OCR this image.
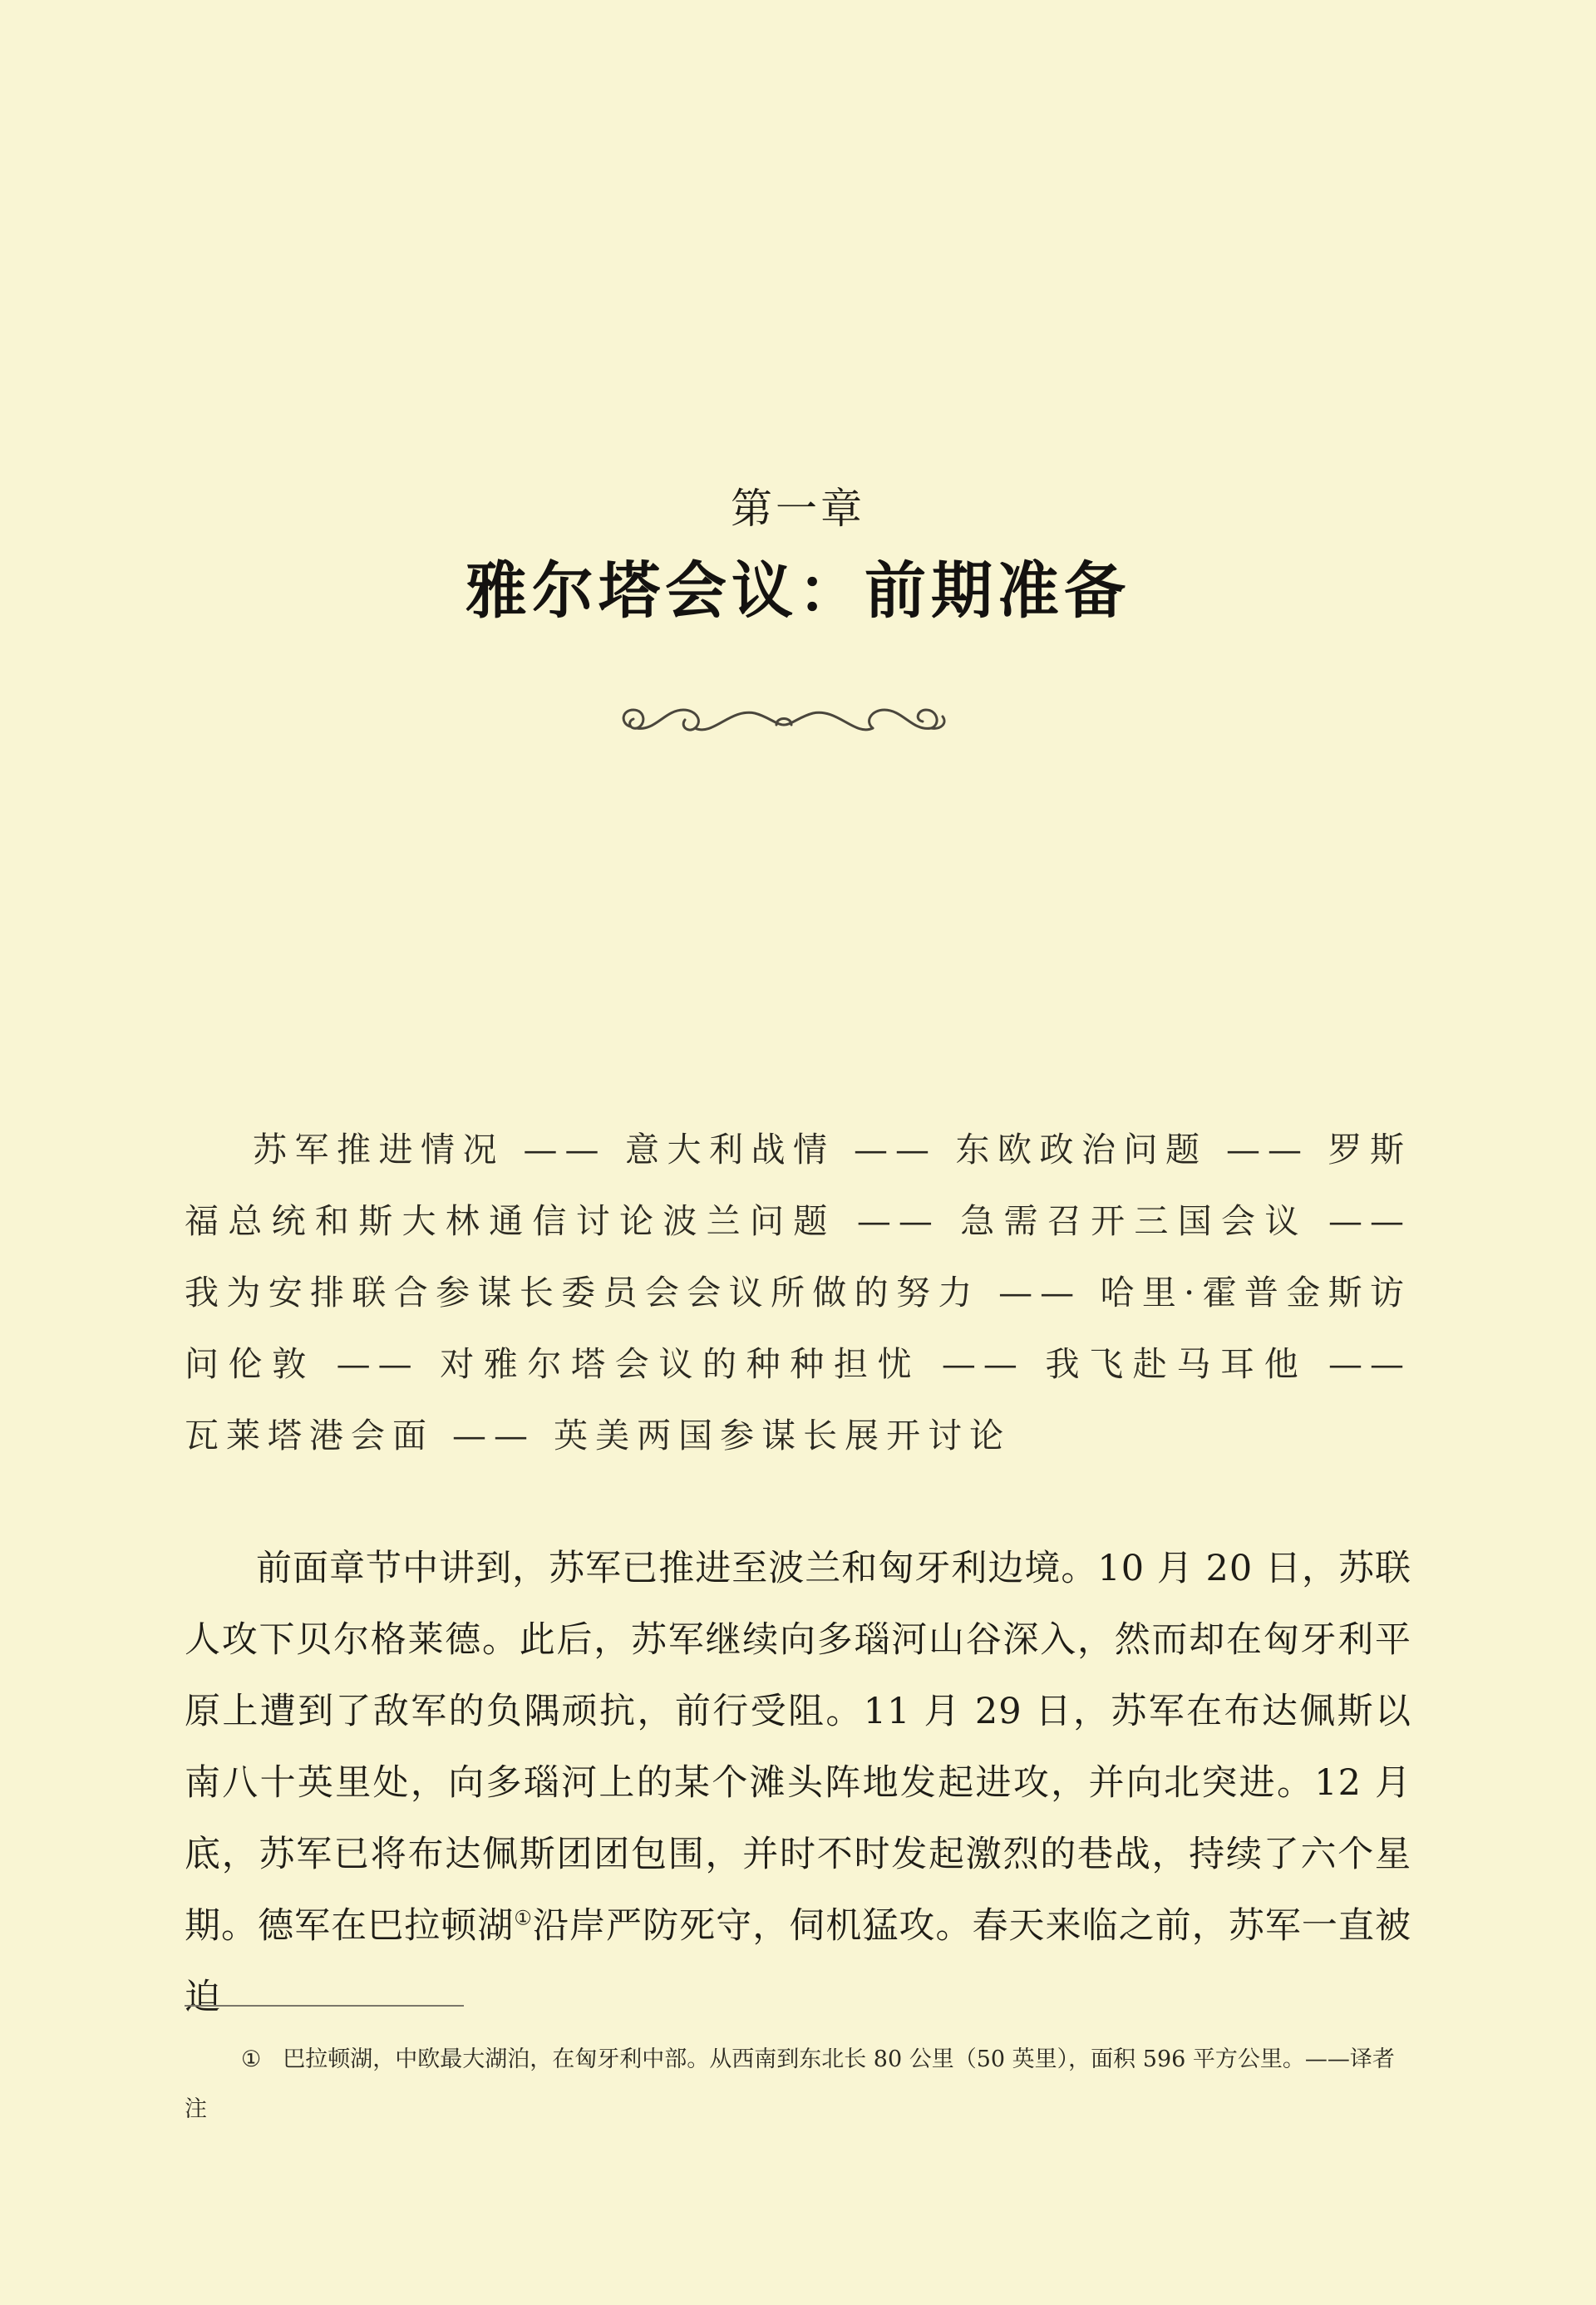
第一章
雅尔塔会议：前期准备
苏军推进情况 —— 意大利战情 —— 东欧政治问题 —— 罗斯福总统和斯大林通信讨论波兰问题 —— 急需召开三国会议 —— 我为安排联合参谋长委员会会议所做的努力 —— 哈里·霍普金斯访问伦敦 —— 对雅尔塔会议的种种担忧 —— 我飞赴马耳他 —— 瓦莱塔港会面 —— 英美两国参谋长展开讨论

前面章节中讲到，苏军已推进至波兰和匈牙利边境。10 月 20 日，苏联人攻下贝尔格莱德。此后，苏军继续向多瑙河山谷深入，然而却在匈牙利平原上遭到了敌军的负隅顽抗，前行受阻。11 月 29 日，苏军在布达佩斯以南八十英里处，向多瑙河上的某个滩头阵地发起进攻，并向北突进。12 月底，苏军已将布达佩斯团团包围，并时不时发起激烈的巷战，持续了六个星期。德军在巴拉顿湖①沿岸严防死守，伺机猛攻。春天来临之前，苏军一直被迫

① 巴拉顿湖，中欧最大湖泊，在匈牙利中部。从西南到东北长 80 公里（50 英里），面积 596 平方公里。——译者注
